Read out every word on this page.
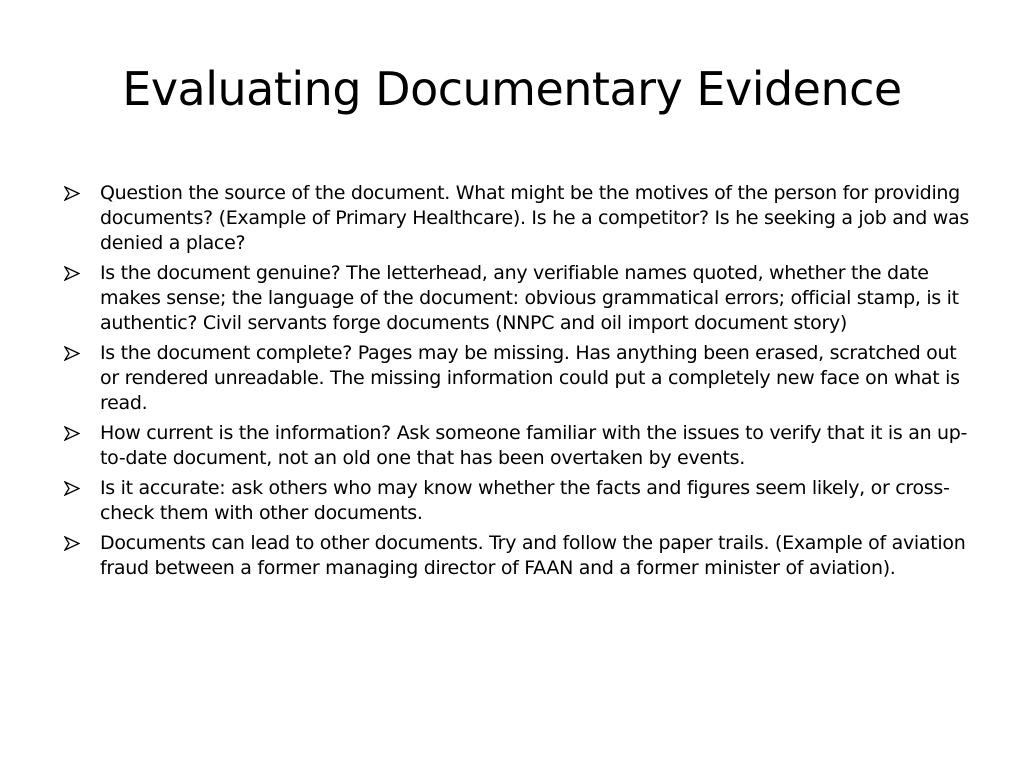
Evaluating Documentary Evidence
Question the source of the document. What might be the motives of the person for providing documents? (Example of Primary Healthcare). Is he a competitor? Is he seeking a job and was denied a place?
Is the document genuine? The letterhead, any verifiable names quoted, whether the date makes sense; the language of the document: obvious grammatical errors; official stamp, is it authentic? Civil servants forge documents (NNPC and oil import document story)
Is the document complete? Pages may be missing. Has anything been erased, scratched out or rendered unreadable. The missing information could put a completely new face on what is read.
How current is the information? Ask someone familiar with the issues to verify that it is an up-to-date document, not an old one that has been overtaken by events.
Is it accurate: ask others who may know whether the facts and figures seem likely, or cross-check them with other documents.
Documents can lead to other documents. Try and follow the paper trails. (Example of aviation fraud between a former managing director of FAAN and a former minister of aviation).
